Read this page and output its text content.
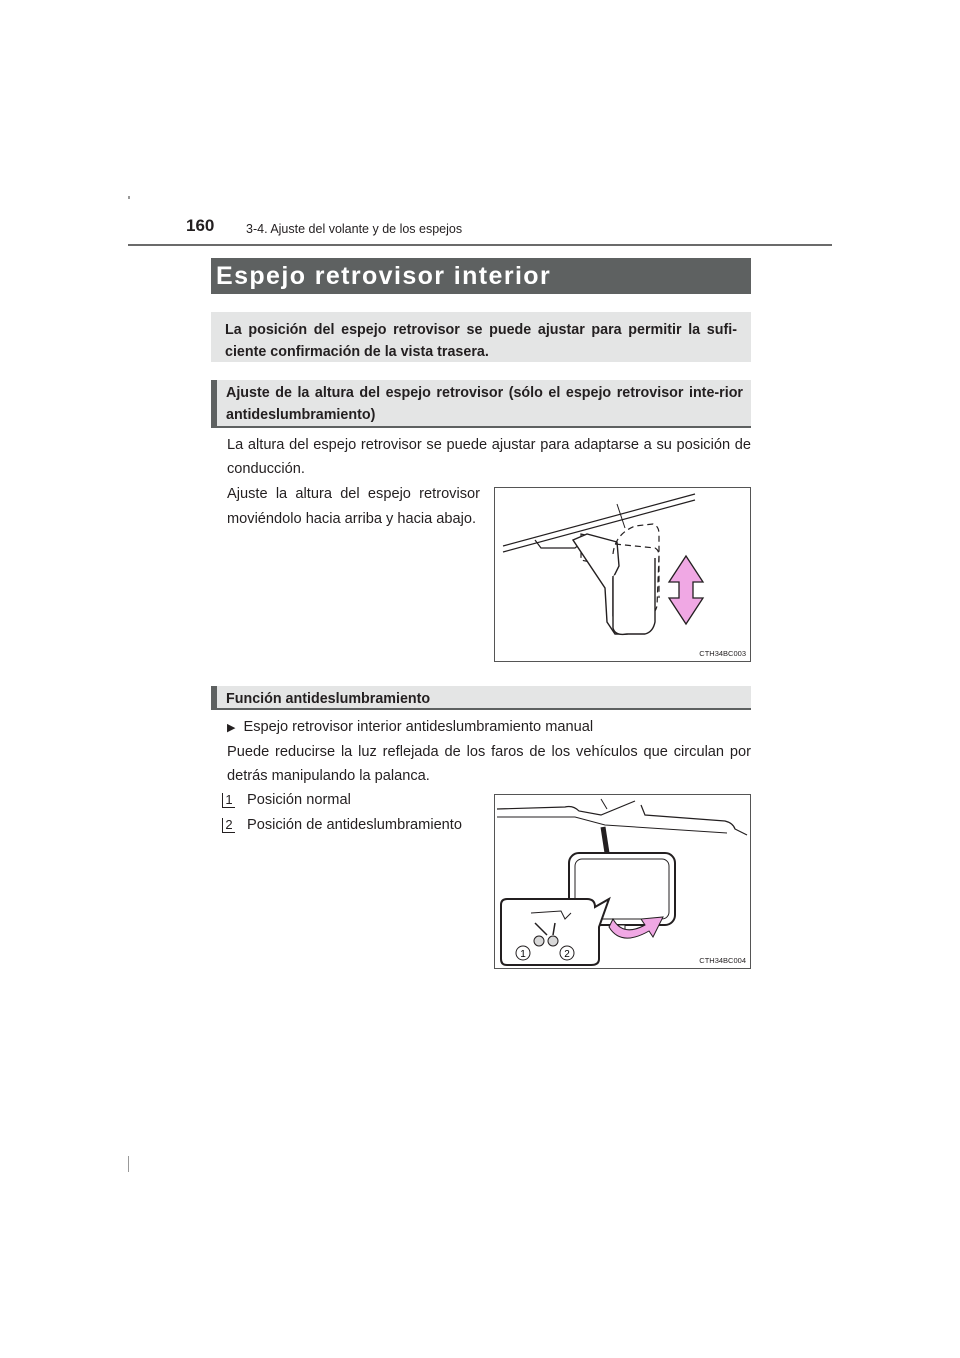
160	3-4. Ajuste del volante y de los espejos
Espejo retrovisor interior
La posición del espejo retrovisor se puede ajustar para permitir la sufi-ciente confirmación de la vista trasera.
Ajuste de la altura del espejo retrovisor (sólo el espejo retrovisor inte-rior antideslumbramiento)
La altura del espejo retrovisor se puede ajustar para adaptarse a su posición de conducción.
Ajuste la altura del espejo retrovisor moviéndolo hacia arriba y hacia abajo.
CTH34BC003
Función antideslumbramiento
▶ Espejo retrovisor interior antideslumbramiento manual
Puede reducirse la luz reflejada de los faros de los vehículos que circulan por detrás manipulando la palanca.
1 Posición normal
2 Posición de antideslumbramiento
1	2
CTH34BC004
